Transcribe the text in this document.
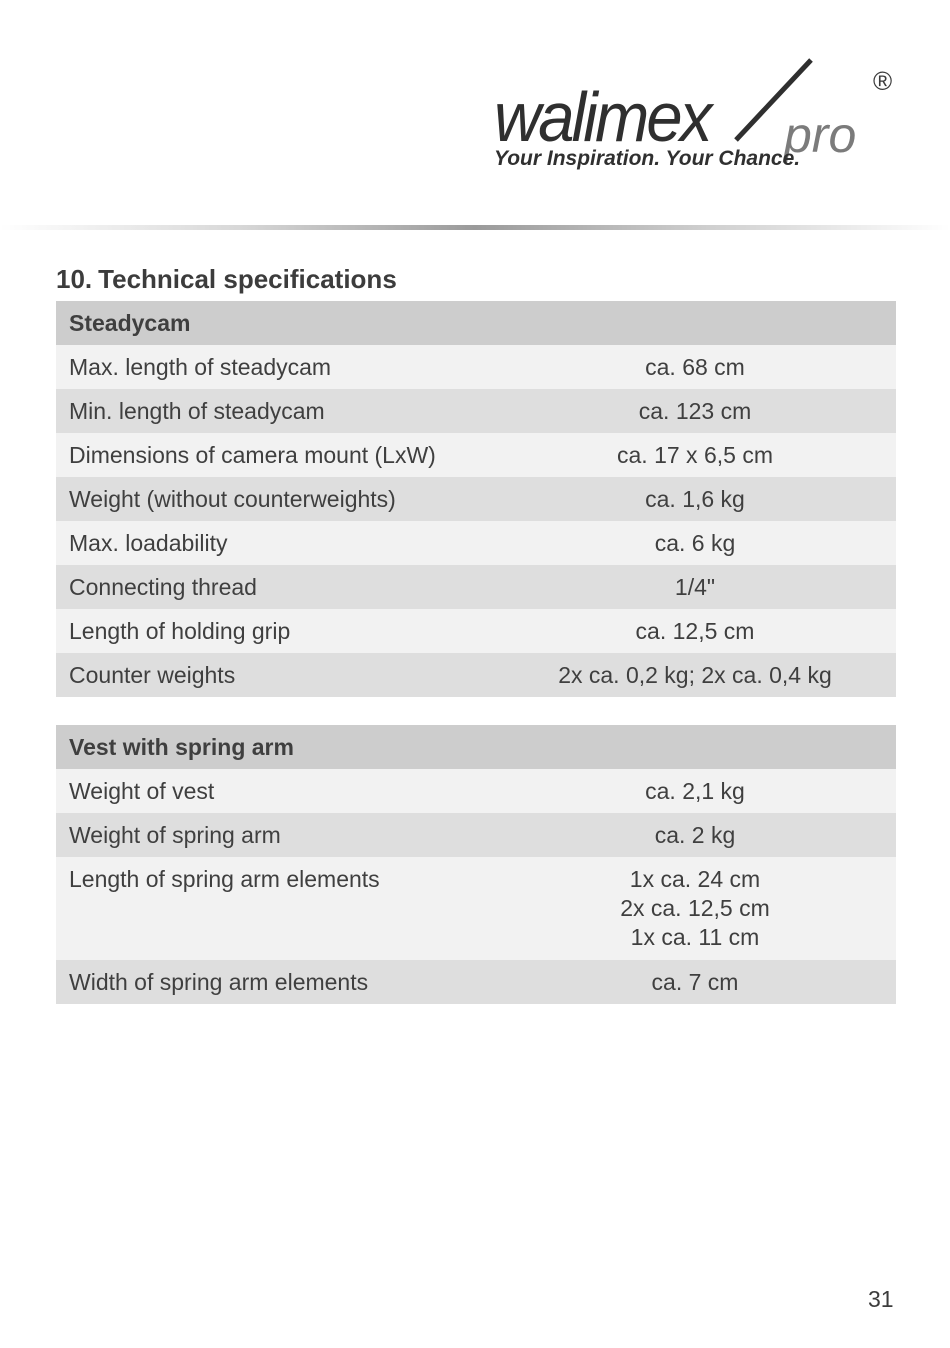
walimex pro
®
Your Inspiration. Your Chance.
10. Technical specifications
Steadycam	
Max. length of steadycam	ca. 68 cm
Min. length of steadycam	ca. 123 cm
Dimensions of camera mount (LxW)	ca. 17 x 6,5 cm
Weight (without counterweights)	ca. 1,6 kg
Max. loadability	ca. 6 kg
Connecting thread	1/4"
Length of holding grip	ca. 12,5 cm
Counter weights	2x ca. 0,2 kg; 2x ca. 0,4 kg
Vest with spring arm	
Weight of vest	ca. 2,1 kg
Weight of spring arm	ca. 2 kg
Length of spring arm elements	1x ca. 24 cm
2x ca. 12,5 cm
1x ca. 11 cm

Width of spring arm elements	ca. 7 cm
31
